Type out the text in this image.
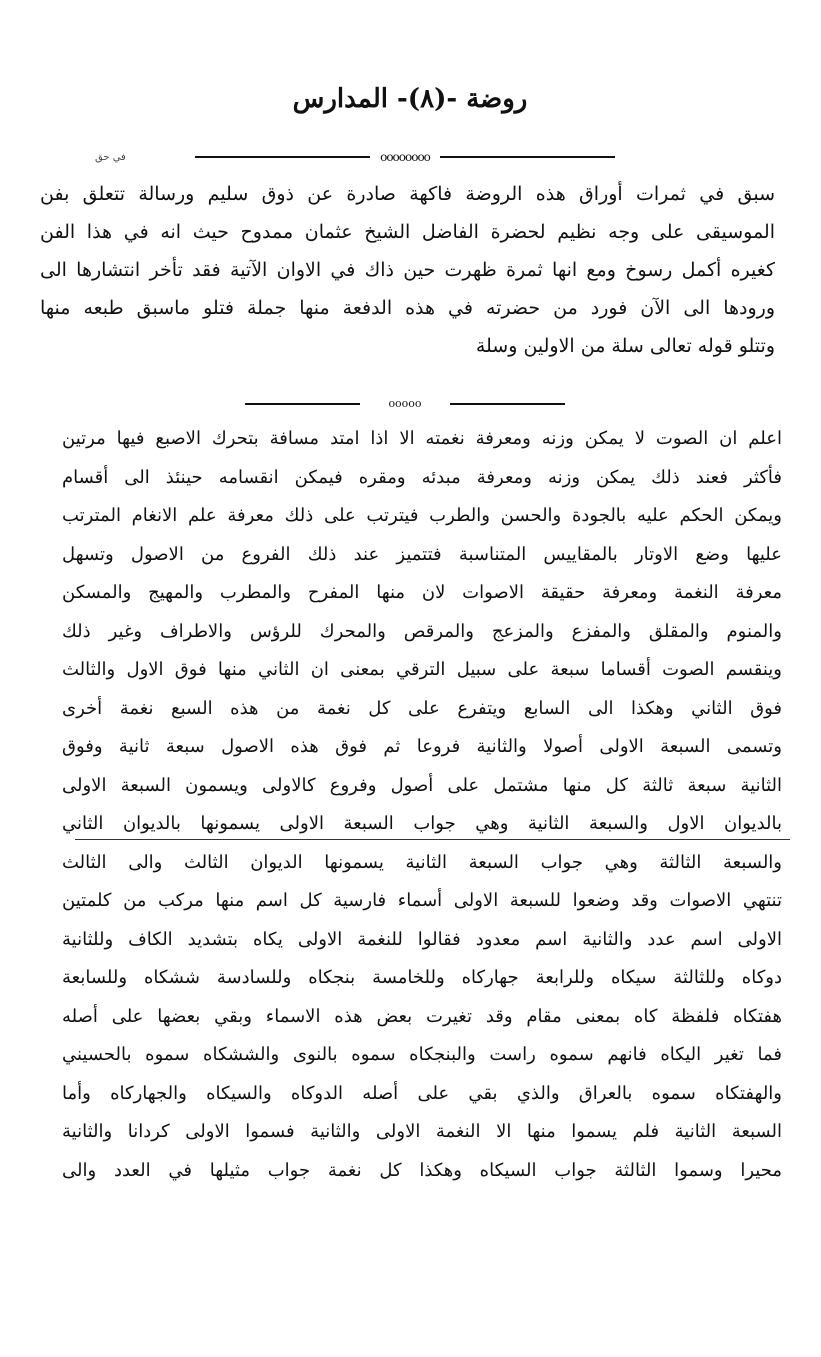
روضة -(٨)- المدارس
في حق	oooooooo
سبق في ثمرات أوراق هذه الروضة فاكهة صادرة عن ذوق سليم ورسالة تتعلق بفن
الموسيقى على وجه نظيم لحضرة الفاضل الشيخ عثمان ممدوح حيث انه في هذا الفن
كغيره أكمل رسوخ ومع انها ثمرة ظهرت حين ذاك في الاوان الآتية فقد تأخر انتشارها الى
ورودها الى الآن فورد من حضرته في هذه الدفعة منها جملة فتلو ماسبق طبعه منها
وتتلو قوله تعالى سلة من الاولين وسلة
ooooo
اعلم ان الصوت لا يمكن وزنه ومعرفة نغمته الا اذا امتد مسافة بتحرك الاصبع فيها مرتين
فأكثر فعند ذلك يمكن وزنه ومعرفة مبدئه ومقره فيمكن انقسامه حينئذ الى أقسام
ويمكن الحكم عليه بالجودة والحسن والطرب فيترتب على ذلك معرفة علم الانغام المترتب
عليها وضع الاوتار بالمقاييس المتناسبة فتتميز عند ذلك الفروع من الاصول وتسهل
معرفة النغمة ومعرفة حقيقة الاصوات لان منها المفرح والمطرب والمهيج والمسكن
والمنوم والمقلق والمفزع والمزعج والمرقص والمحرك للرؤس والاطراف وغير ذلك
وينقسم الصوت أقساما سبعة على سبيل الترقي بمعنى ان الثاني منها فوق الاول والثالث
فوق الثاني وهكذا الى السابع ويتفرع على كل نغمة من هذه السبع نغمة أخرى
وتسمى السبعة الاولى أصولا والثانية فروعا ثم فوق هذه الاصول سبعة ثانية وفوق
الثانية سبعة ثالثة كل منها مشتمل على أصول وفروع كالاولى ويسمون السبعة الاولى
بالديوان الاول والسبعة الثانية وهي جواب السبعة الاولى يسمونها بالديوان الثاني
والسبعة الثالثة وهي جواب السبعة الثانية يسمونها الديوان الثالث والى الثالث
تنتهي الاصوات وقد وضعوا للسبعة الاولى أسماء فارسية كل اسم منها مركب من كلمتين
الاولى اسم عدد والثانية اسم معدود فقالوا للنغمة الاولى يكاه بتشديد الكاف وللثانية
دوكاه وللثالثة سيكاه وللرابعة جهاركاه وللخامسة بنجكاه وللسادسة ششكاه وللسابعة
هفتكاه فلفظة كاه بمعنى مقام وقد تغيرت بعض هذه الاسماء وبقي بعضها على أصله
فما تغير اليكاه فانهم سموه راست والبنجكاه سموه بالنوى والششكاه سموه بالحسيني
والهفتكاه سموه بالعراق والذي بقي على أصله الدوكاه والسيكاه والجهاركاه وأما
السبعة الثانية فلم يسموا منها الا النغمة الاولى والثانية فسموا الاولى كردانا والثانية
محيرا وسموا الثالثة جواب السيكاه وهكذا كل نغمة جواب مثيلها في العدد والى
